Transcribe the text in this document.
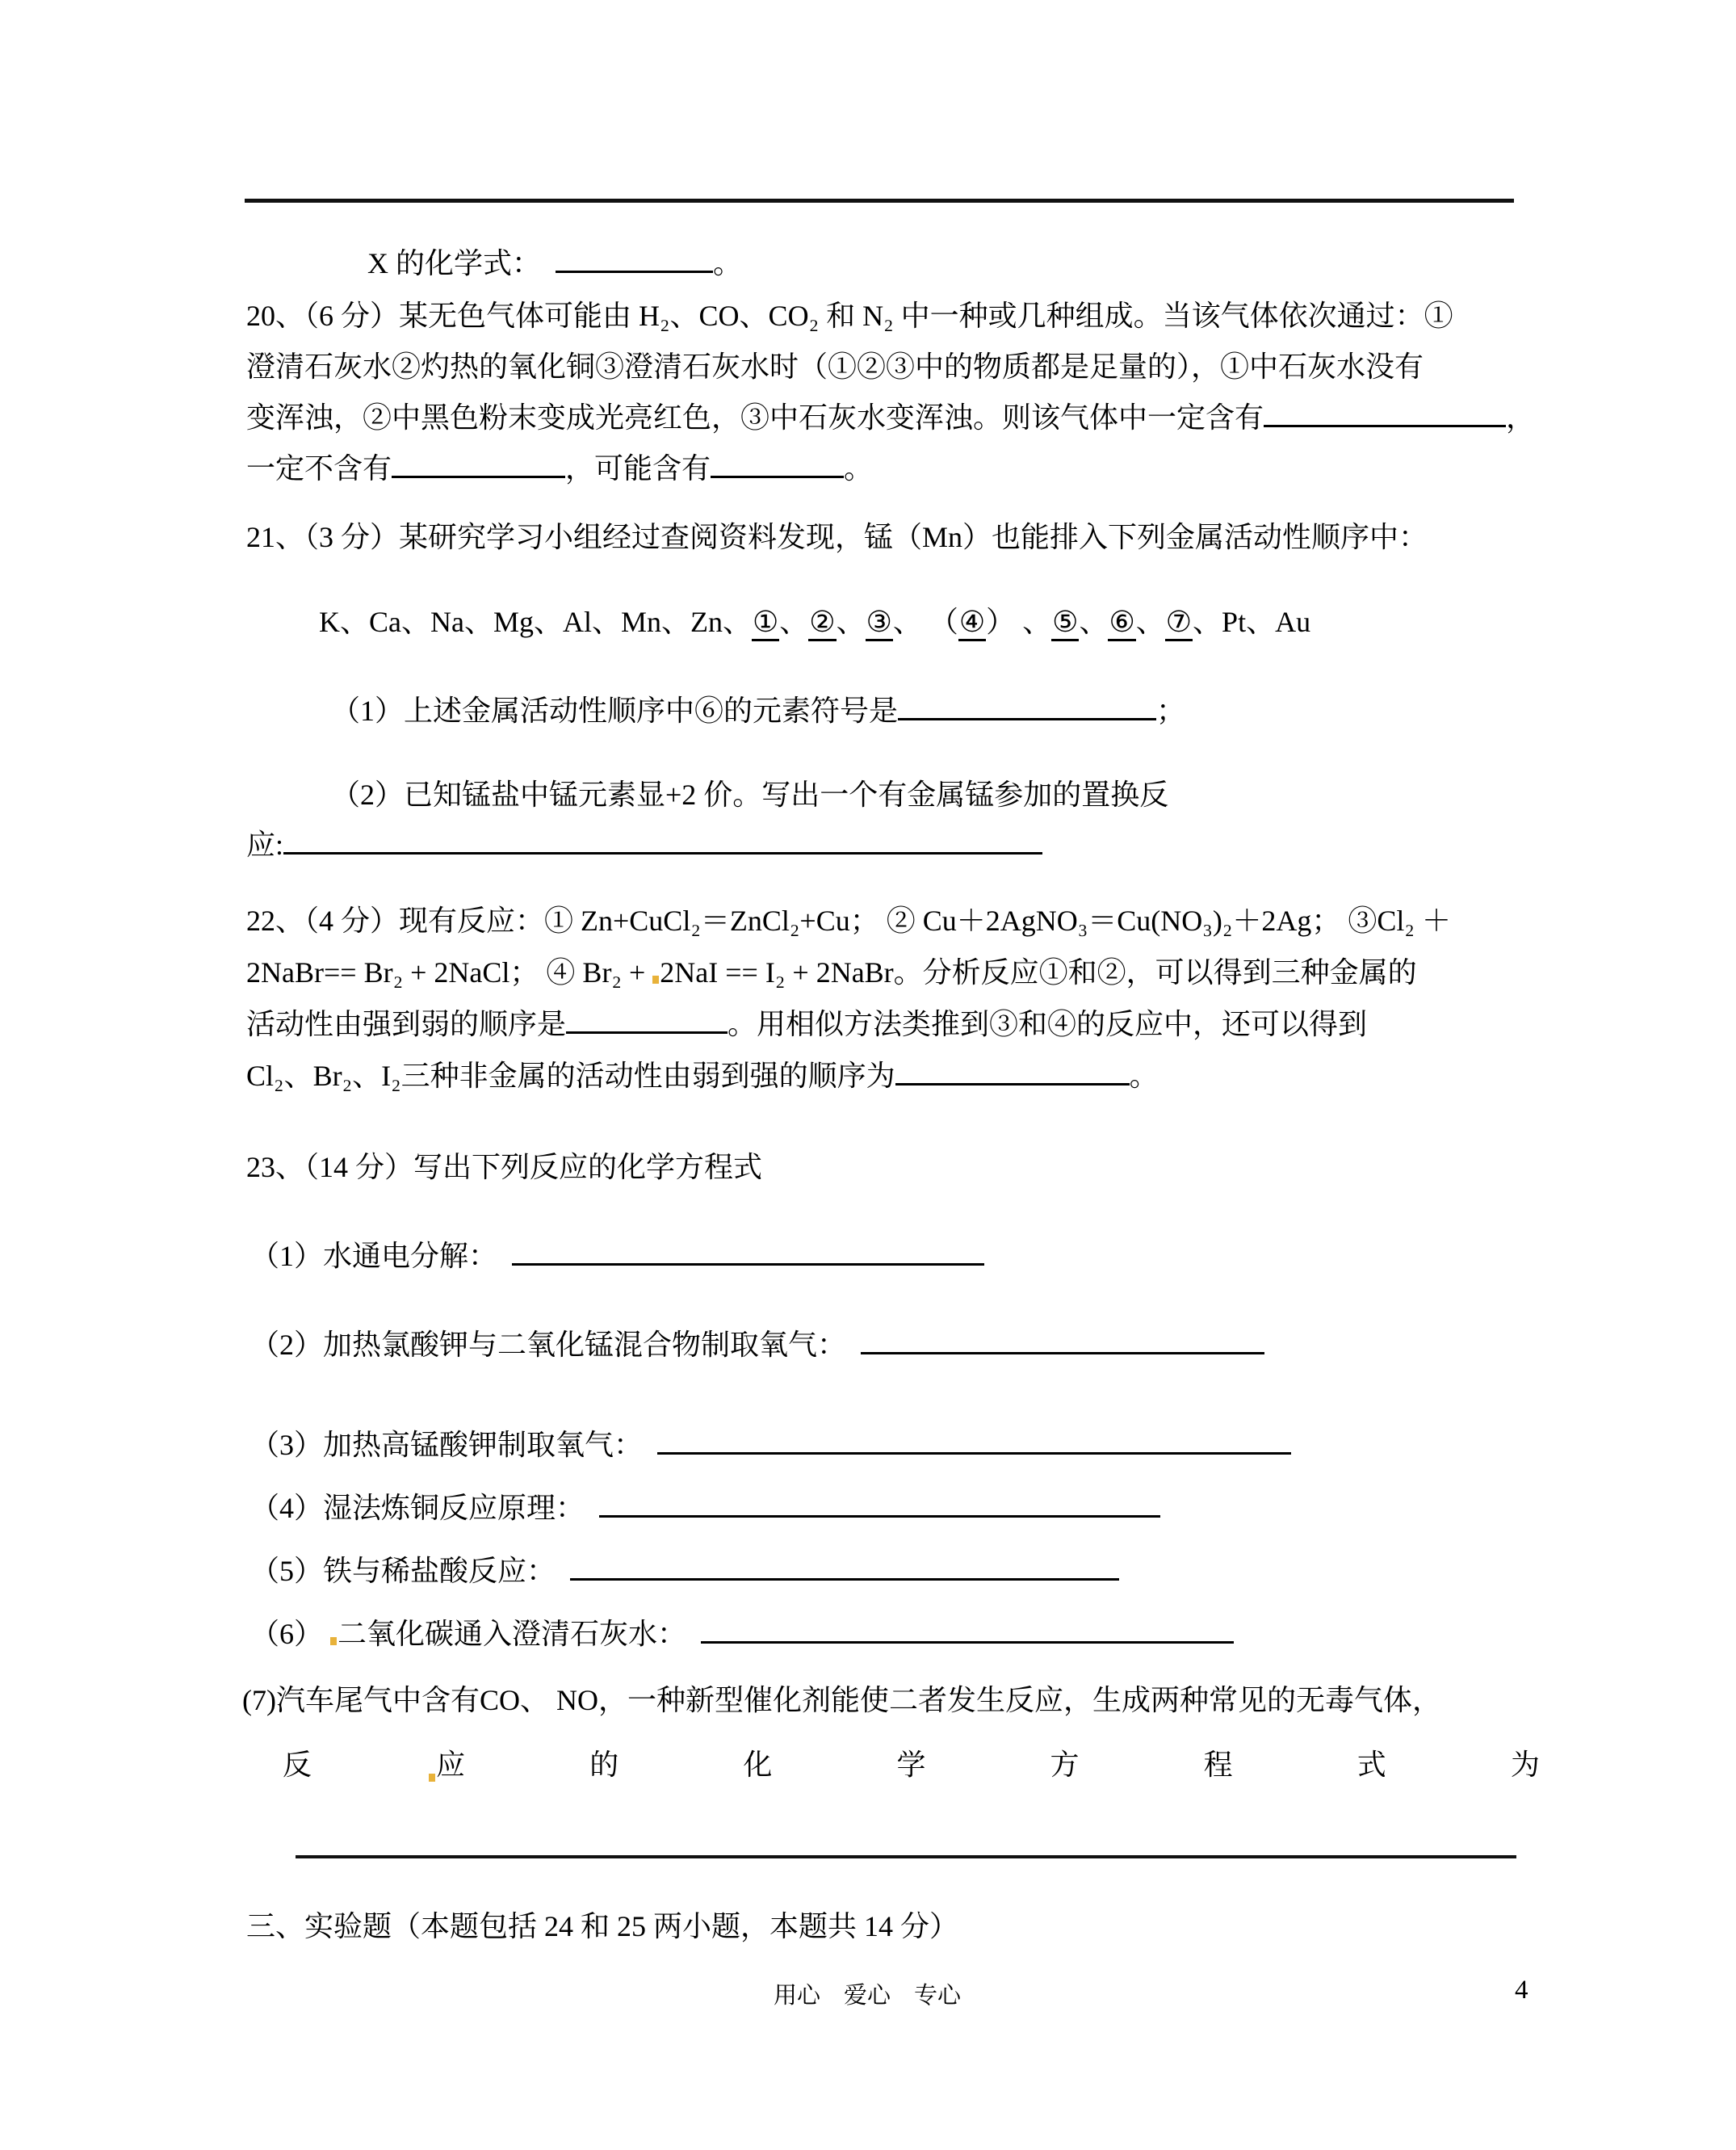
X 的化学式：　	。
20、（6 分）某无色气体可能由 H₂、CO、CO₂ 和 N₂ 中一种或几种组成。当该气体依次通过：①
澄清石灰水②灼热的氧化铜③澄清石灰水时（①②③中的物质都是足量的），①中石灰水没有
变浑浊，②中黑色粉末变成光亮红色，③中石灰水变浑浊。则该气体中一定含有	，
一定不含有	，可能含有	。
21、（3 分）某研究学习小组经过查阅资料发现，锰（Mn）也能排入下列金属活动性顺序中：
K、Ca、Na、Mg、Al、Mn、Zn、①、②、③、 （④） 、⑤、⑥、⑦、Pt、Au
（1）上述金属活动性顺序中⑥的元素符号是	；
（2）已知锰盐中锰元素显+2 价。写出一个有金属锰参加的置换反
应:
22、（4 分）现有反应：① Zn+CuCl₂＝ZnCl₂+Cu； ② Cu＋2AgNO₃＝Cu(NO₃)₂＋2Ag； ③Cl₂ ＋
2NaBr== Br₂ + 2NaCl； ④ Br₂ + 2NaI == I₂ + 2NaBr。分析反应①和②，可以得到三种金属的
活动性由强到弱的顺序是	。用相似方法类推到③和④的反应中，还可以得到
Cl₂、Br₂、I₂三种非金属的活动性由弱到强的顺序为	。
23、（14 分）写出下列反应的化学方程式
（1）水通电分解：　
（2）加热氯酸钾与二氧化锰混合物制取氧气：　
（3）加热高锰酸钾制取氧气：　
（4）湿法炼铜反应原理：　
（5）铁与稀盐酸反应：　
（6） 二氧化碳通入澄清石灰水：　
(7)汽车尾气中含有CO、 NO，一种新型催化剂能使二者发生反应，生成两种常见的无毒气体，
反	应	的	化	学	方	程	式	为
三、实验题（本题包括 24 和 25 两小题，本题共 14 分）
用心　爱心　专心	4
